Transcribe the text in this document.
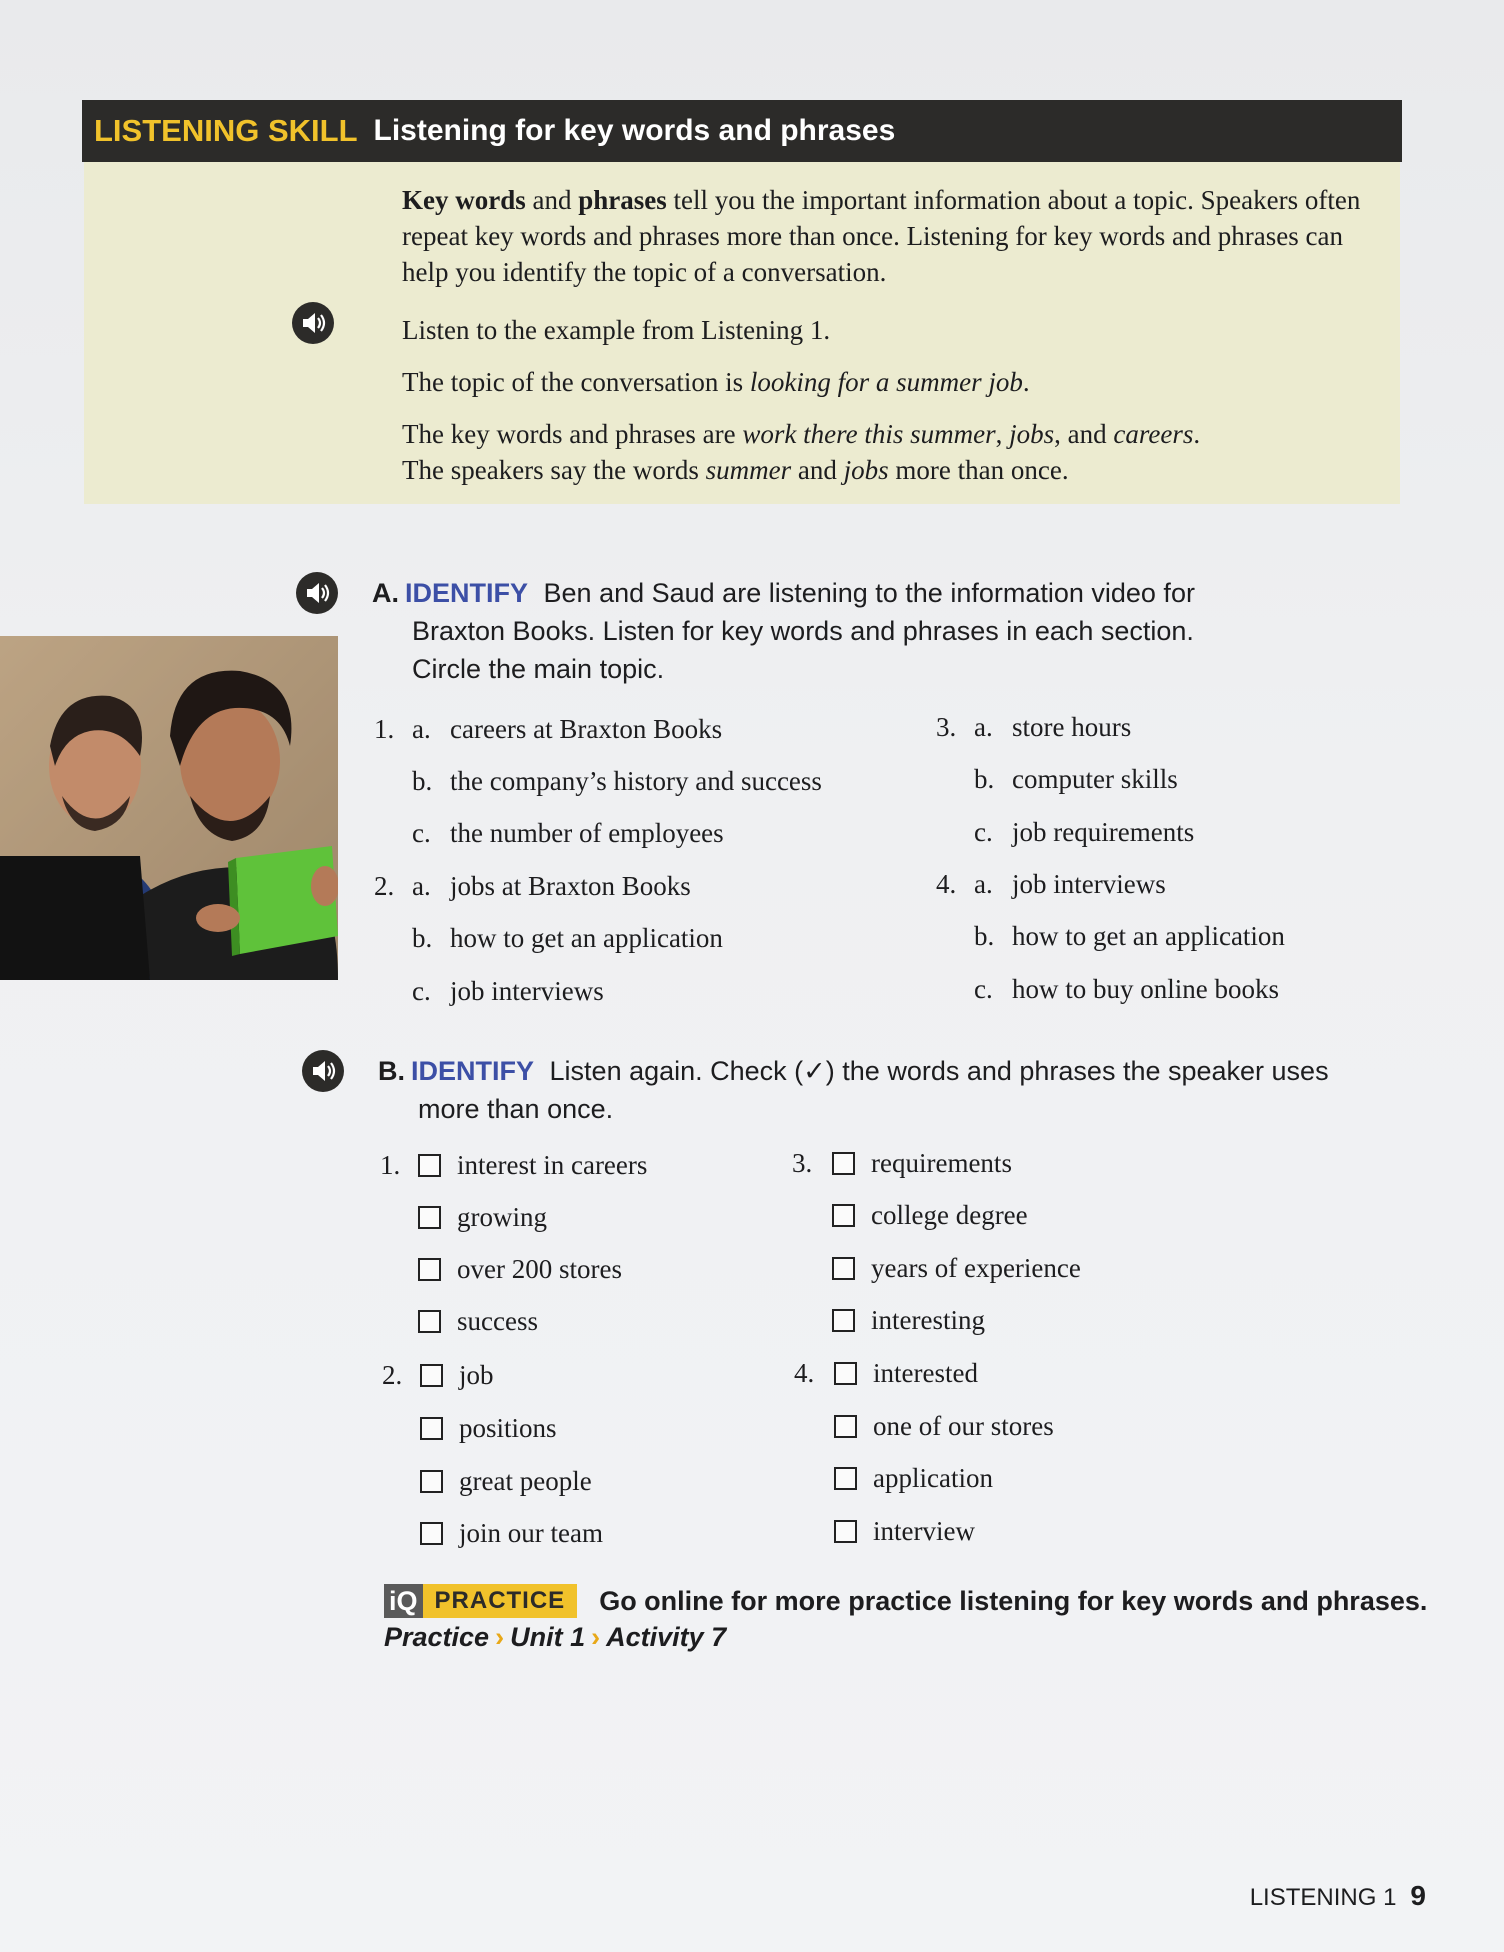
LISTENING SKILL Listening for key words and phrases
Key words and phrases tell you the important information about a topic. Speakers often repeat key words and phrases more than once. Listening for key words and phrases can help you identify the topic of a conversation.
Listen to the example from Listening 1.
The topic of the conversation is looking for a summer job.
The key words and phrases are work there this summer, jobs, and careers.
The speakers say the words summer and jobs more than once.
A. IDENTIFY Ben and Saud are listening to the information video for
Braxton Books. Listen for key words and phrases in each section.
Circle the main topic.
1. a. careers at Braxton Books
b. the company’s history and success
c. the number of employees
2. a. jobs at Braxton Books
b. how to get an application
c. job interviews
3. a. store hours
b. computer skills
c. job requirements
4. a. job interviews
b. how to get an application
c. how to buy online books
B. IDENTIFY Listen again. Check (✓) the words and phrases the speaker uses
more than once.
1. interest in careers
growing
over 200 stores
success
2. job
positions
great people
join our team
3. requirements
college degree
years of experience
interesting
4. interested
one of our stores
application
interview
iQ PRACTICE	Go online for more practice listening for key words and phrases.
Practice › Unit 1 › Activity 7
LISTENING 1 9
